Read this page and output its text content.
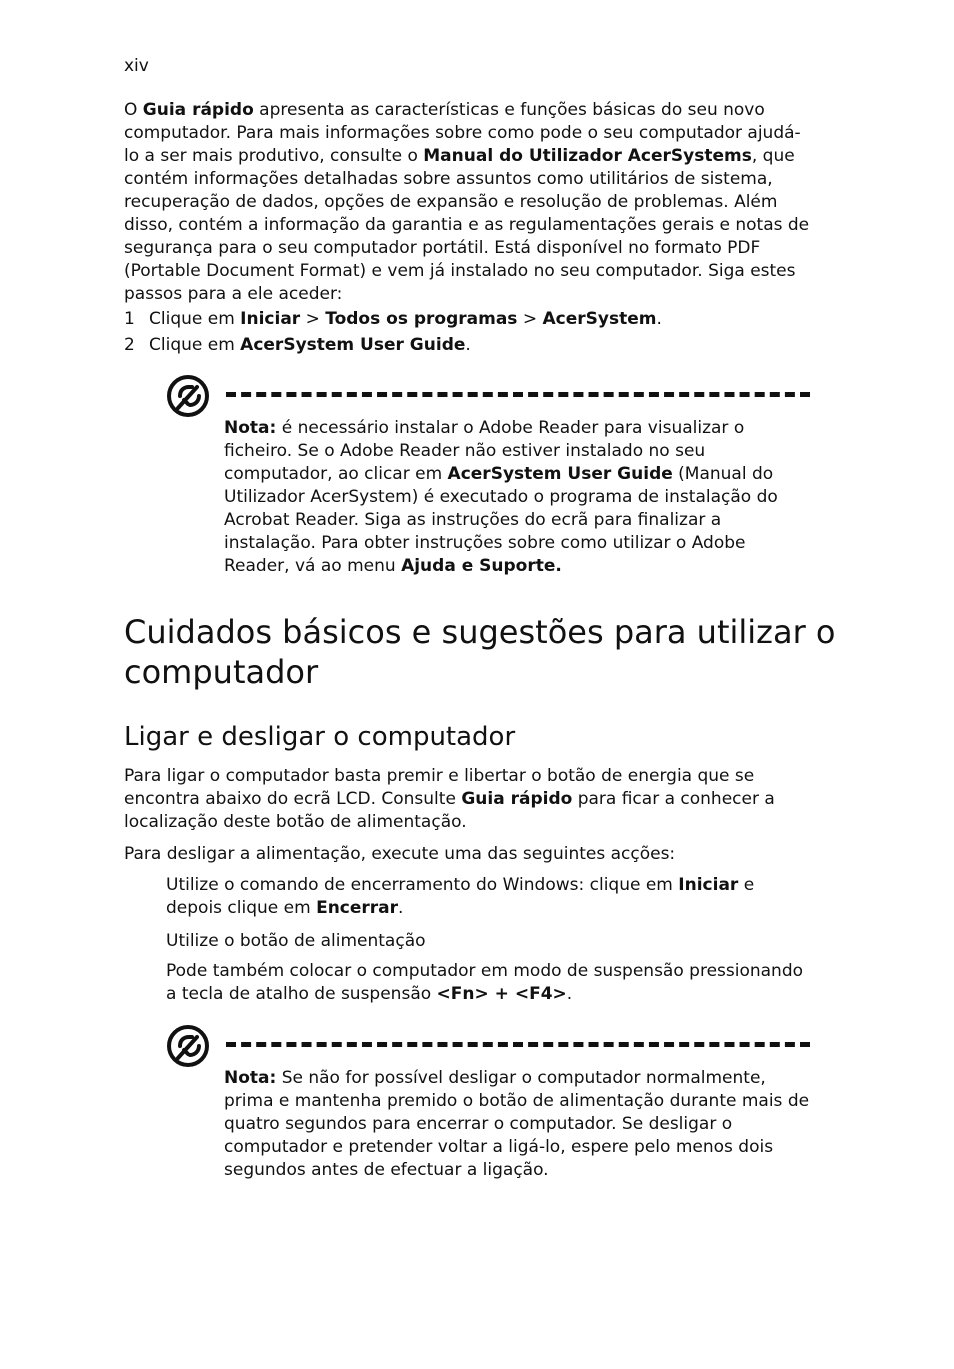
xiv

O Guia rápido apresenta as características e funções básicas do seu novo computador. Para mais informações sobre como pode o seu computador ajudá-lo a ser mais produtivo, consulte o Manual do Utilizador AcerSystems, que contém informações detalhadas sobre assuntos como utilitários de sistema, recuperação de dados, opções de expansão e resolução de problemas. Além disso, contém a informação da garantia e as regulamentações gerais e notas de segurança para o seu computador portátil. Está disponível no formato PDF (Portable Document Format) e vem já instalado no seu computador. Siga estes passos para a ele aceder:

1 Clique em Iniciar > Todos os programas > AcerSystem.
2 Clique em AcerSystem User Guide.

Nota: é necessário instalar o Adobe Reader para visualizar o ficheiro. Se o Adobe Reader não estiver instalado no seu computador, ao clicar em AcerSystem User Guide (Manual do Utilizador AcerSystem) é executado o programa de instalação do Acrobat Reader. Siga as instruções do ecrã para finalizar a instalação. Para obter instruções sobre como utilizar o Adobe Reader, vá ao menu Ajuda e Suporte.

Cuidados básicos e sugestões para utilizar o computador
Ligar e desligar o computador

Para ligar o computador basta premir e libertar o botão de energia que se encontra abaixo do ecrã LCD. Consulte Guia rápido para ficar a conhecer a localização deste botão de alimentação.

Para desligar a alimentação, execute uma das seguintes acções:

Utilize o comando de encerramento do Windows: clique em Iniciar e depois clique em Encerrar.

Utilize o botão de alimentação

Pode também colocar o computador em modo de suspensão pressionando a tecla de atalho de suspensão <Fn> + <F4>.

Nota: Se não for possível desligar o computador normalmente, prima e mantenha premido o botão de alimentação durante mais de quatro segundos para encerrar o computador. Se desligar o computador e pretender voltar a ligá-lo, espere pelo menos dois segundos antes de efectuar a ligação.
